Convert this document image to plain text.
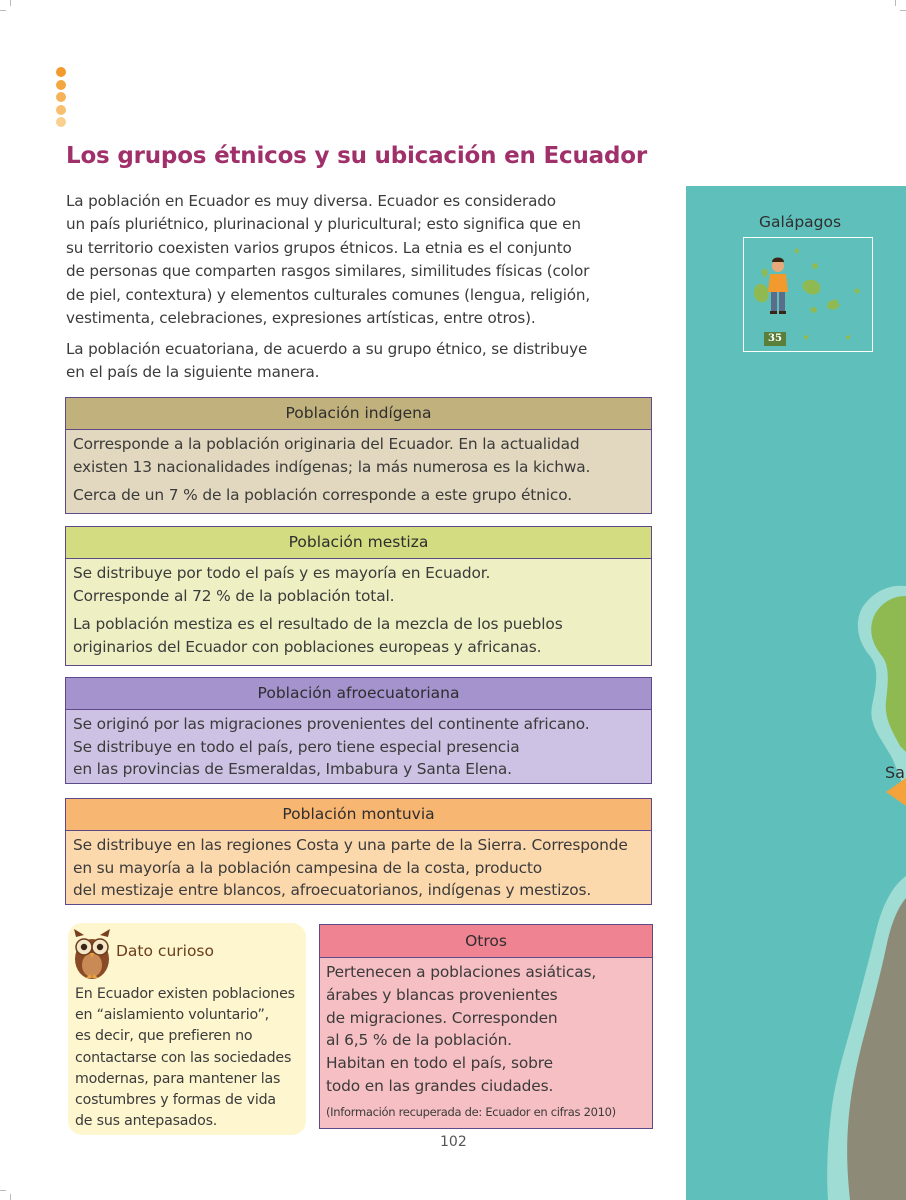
Los grupos étnicos y su ubicación en Ecuador
La población en Ecuador es muy diversa. Ecuador es considerado
un país pluriétnico, plurinacional y pluricultural; esto significa que en
su territorio coexisten varios grupos étnicos. La etnia es el conjunto
de personas que comparten rasgos similares, similitudes físicas (color
de piel, contextura) y elementos culturales comunes (lengua, religión,
vestimenta, celebraciones, expresiones artísticas, entre otros).
La población ecuatoriana, de acuerdo a su grupo étnico, se distribuye
en el país de la siguiente manera.
Población indígena
Corresponde a la población originaria del Ecuador. En la actualidad
existen 13 nacionalidades indígenas; la más numerosa es la kichwa.
Cerca de un 7 % de la población corresponde a este grupo étnico.
Población mestiza
Se distribuye por todo el país y es mayoría en Ecuador.
Corresponde al 72 % de la población total.
La población mestiza es el resultado de la mezcla de los pueblos
originarios del Ecuador con poblaciones europeas y africanas.
Población afroecuatoriana
Se originó por las migraciones provenientes del continente africano.
Se distribuye en todo el país, pero tiene especial presencia
en las provincias de Esmeraldas, Imbabura y Santa Elena.
Población montuvia
Se distribuye en las regiones Costa y una parte de la Sierra. Corresponde
en su mayoría a la población campesina de la costa, producto
del mestizaje entre blancos, afroecuatorianos, indígenas y mestizos.
Dato curioso
En Ecuador existen poblaciones
en “aislamiento voluntario”,
es decir, que prefieren no
contactarse con las sociedades
modernas, para mantener las
costumbres y formas de vida
de sus antepasados.
Otros
Pertenecen a poblaciones asiáticas,
árabes y blancas provenientes
de migraciones. Corresponden
al 6,5 % de la población.
Habitan en todo el país, sobre
todo en las grandes ciudades.
(Información recuperada de: Ecuador en cifras 2010)
102
Galápagos
35
Sa
